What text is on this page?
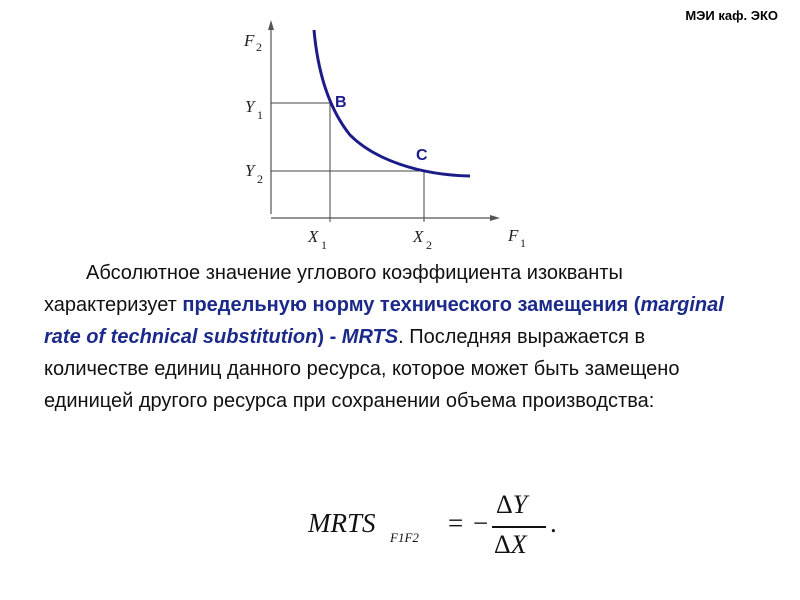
МЭИ каф. ЭКО
F 2
F 1
Y 1
Y 2
X 1	X 2
B
C
Абсолютное значение углового коэффициента изокванты характеризует предельную норму технического замещения (marginal rate of technical substitution) - MRTS. Последняя выражается в количестве единиц данного ресурса, которое может быть замещено единицей другого ресурса при сохранении объема производства:
MRTS F1F2 = −
ΔY
ΔX
.
